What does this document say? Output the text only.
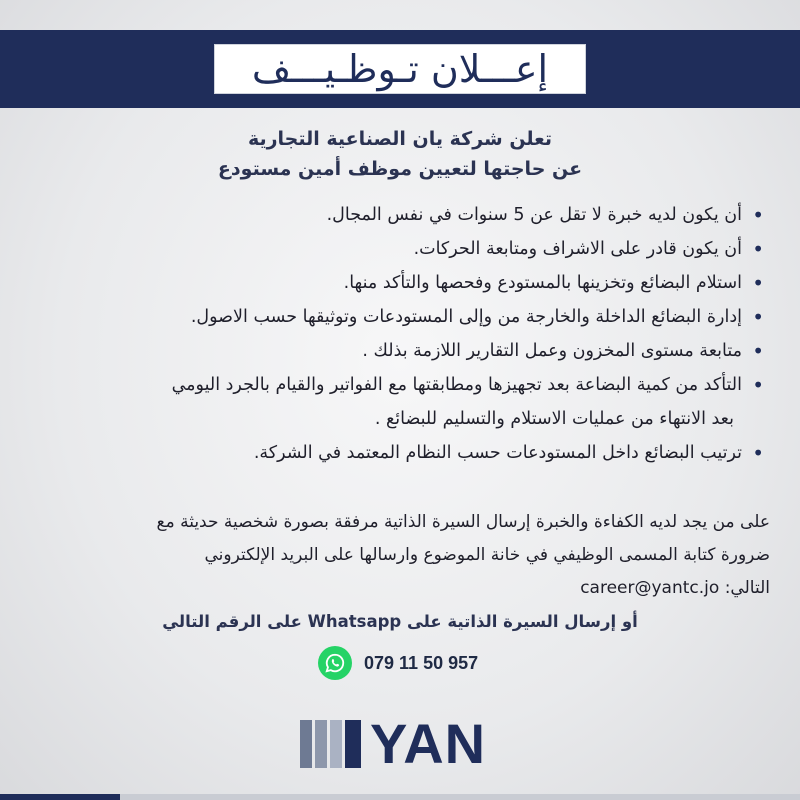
إعـــلان تـوظـيـــف
تعلن شركة يان الصناعية التجارية
عن حاجتها لتعيين موظف أمين مستودع
•
أن يكون لديه خبرة لا تقل عن 5 سنوات في نفس المجال.
•
أن يكون قادر على الاشراف ومتابعة الحركات.
•
استلام البضائع وتخزينها بالمستودع وفحصها والتأكد منها.
•
إدارة البضائع الداخلة والخارجة من وإلى المستودعات وتوثيقها حسب الاصول.
•
متابعة مستوى المخزون وعمل التقارير اللازمة بذلك .
•
التأكد من كمية البضاعة بعد تجهيزها ومطابقتها مع الفواتير والقيام بالجرد اليومي
بعد الانتهاء من عمليات الاستلام والتسليم للبضائع .
•
ترتيب البضائع داخل المستودعات حسب النظام المعتمد في الشركة.
على من يجد لديه الكفاءة والخبرة إرسال السيرة الذاتية مرفقة بصورة شخصية حديثة مع
ضرورة كتابة المسمى الوظيفي في خانة الموضوع وارسالها على البريد الإلكتروني
التالي: career@yantc.jo
أو إرسال السيرة الذاتية على Whatsapp على الرقم التالي
079 11 50 957
YAN
